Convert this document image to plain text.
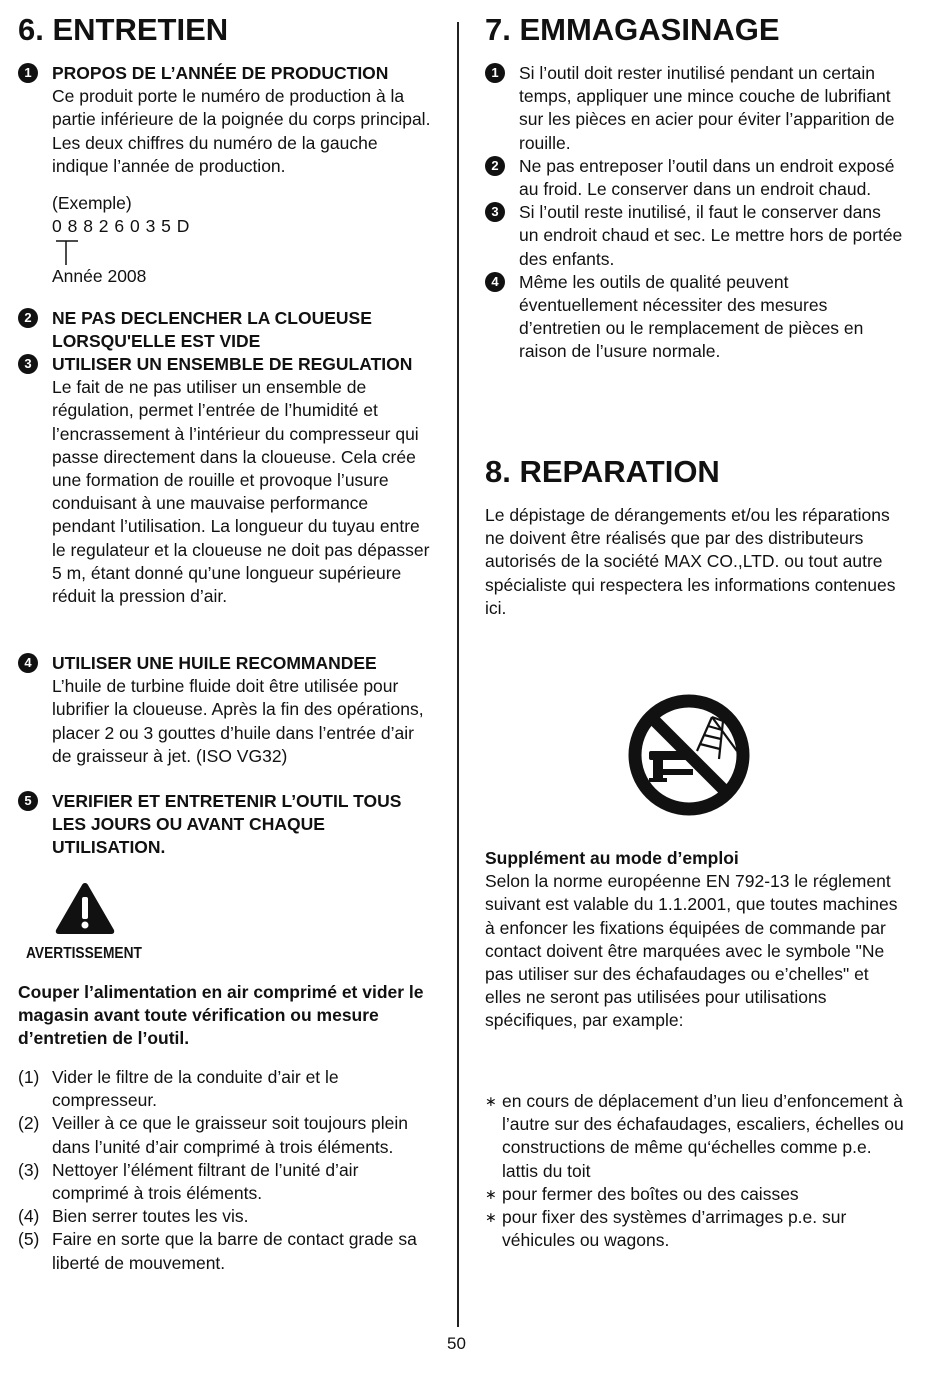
6. ENTRETIEN
1	PROPOS DE L’ANNÉE DE PRODUCTION
Ce produit porte le numéro de production à la partie inférieure de la poignée du corps principal. Les deux chiffres du numéro de la gauche indique l’année de production.
(Exemple)
0 8 8 2 6 0 3 5 D
Année 2008
2	NE PAS DECLENCHER LA CLOUEUSE LORSQU'ELLE EST VIDE
3	UTILISER UN ENSEMBLE DE REGULATION
Le fait de ne pas utiliser un ensemble de régulation, permet l’entrée de l’humidité et l’encrassement à l’intérieur du compresseur qui passe directement dans la cloueuse. Cela crée une formation de rouille et provoque l’usure conduisant à une mauvaise performance pendant l’utilisation. La longueur du tuyau entre le regulateur et la cloueuse ne doit pas dépasser 5 m, étant donné qu’une longueur supérieure réduit la pression d’air.
4	UTILISER UNE HUILE RECOMMANDEE
L’huile de turbine fluide doit être utilisée pour lubrifier la cloueuse. Après la fin des opérations, placer 2 ou 3 gouttes d’huile dans l’entrée d’air de graisseur à jet. (ISO VG32)
5	VERIFIER ET ENTRETENIR L’OUTIL TOUS LES JOURS OU AVANT CHAQUE UTILISATION.
AVERTISSEMENT
Couper l’alimentation en air comprimé et vider le magasin avant toute vérification ou mesure d’entretien de l’outil.
(1) Vider le filtre de la conduite d’air et le compresseur.
(2) Veiller à ce que le graisseur soit toujours plein dans l’unité d’air comprimé à trois éléments.
(3) Nettoyer l’élément filtrant de l’unité d’air comprimé à trois éléments.
(4) Bien serrer toutes les vis.
(5) Faire en sorte que la barre de contact grade sa liberté de mouvement.
7. EMMAGASINAGE
1	Si l’outil doit rester inutilisé pendant un certain temps, appliquer une mince couche de lubrifiant sur les pièces en acier pour éviter l’apparition de rouille.
2	Ne pas entreposer l’outil dans un endroit exposé au froid. Le conserver dans un endroit chaud.
3	Si l’outil reste inutilisé, il faut le conserver dans un endroit chaud et sec. Le mettre hors de portée des enfants.
4	Même les outils de qualité peuvent éventuellement nécessiter des mesures d’entretien ou le remplacement de pièces en raison de l’usure normale.
8. REPARATION
Le dépistage de dérangements et/ou les réparations ne doivent être réalisés que par des distributeurs autorisés de la société MAX CO.,LTD. ou tout autre spécialiste qui respectera les informations contenues ici.
Supplément au mode d’emploi
Selon la norme européenne EN 792-13 le réglement suivant est valable du 1.1.2001, que toutes machines à enfoncer les fixations équipées de commande par contact doivent être marquées avec le symbole "Ne pas utiliser sur des échafaudages ou e’chelles" et elles ne seront pas utilisées pour utilisations spécifiques, par example:
∗ en cours de déplacement d’un lieu d’enfoncement à l’autre sur des échafaudages, escaliers, échelles ou constructions de même qu‘échelles comme p.e. lattis du toit
∗ pour fermer des boîtes ou des caisses
∗ pour fixer des systèmes d’arrimages p.e. sur véhicules ou wagons.
50
